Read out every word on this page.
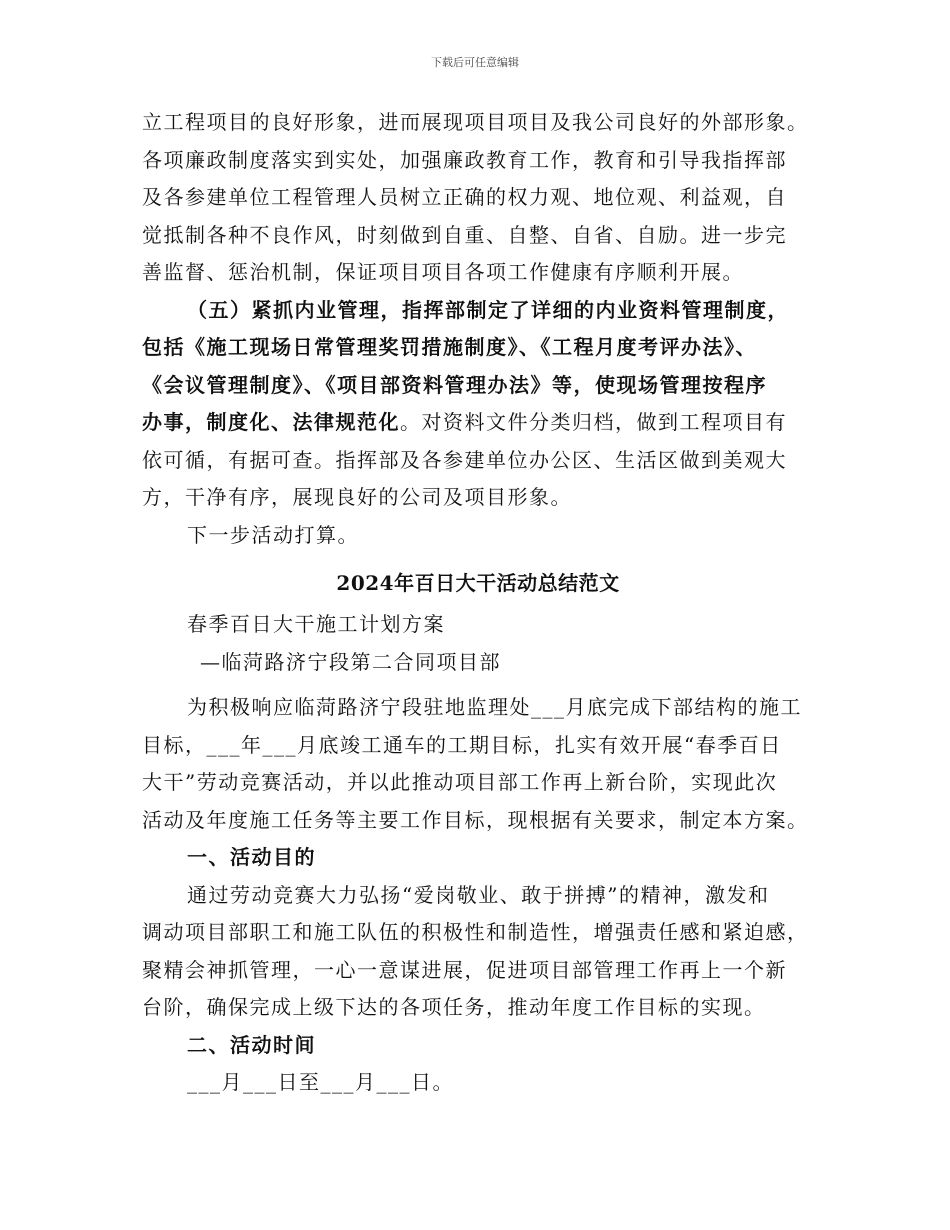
下载后可任意编辑
立工程项目的良好形象，进而展现项目项目及我公司良好的外部形象。
各项廉政制度落实到实处，加强廉政教育工作，教育和引导我指挥部
及各参建单位工程管理人员树立正确的权力观、地位观、利益观，自
觉抵制各种不良作风，时刻做到自重、自整、自省、自励。进一步完
善监督、惩治机制，保证项目项目各项工作健康有序顺利开展。
（五）紧抓内业管理，指挥部制定了详细的内业资料管理制度，
包括《施工现场日常管理奖罚措施制度》、《工程月度考评办法》、
《会议管理制度》、《项目部资料管理办法》等，使现场管理按程序
办事，制度化、法律规范化。对资料文件分类归档，做到工程项目有
依可循，有据可查。指挥部及各参建单位办公区、生活区做到美观大
方，干净有序，展现良好的公司及项目形象。
下一步活动打算。
2024年百日大干活动总结范文
春季百日大干施工计划方案
—临菏路济宁段第二合同项目部
为积极响应临菏路济宁段驻地监理处___月底完成下部结构的施工
目标，___年___月底竣工通车的工期目标，扎实有效开展“春季百日
大干”劳动竞赛活动，并以此推动项目部工作再上新台阶，实现此次
活动及年度施工任务等主要工作目标，现根据有关要求，制定本方案。
一、活动目的
通过劳动竞赛大力弘扬“爱岗敬业、敢于拼搏”的精神，激发和
调动项目部职工和施工队伍的积极性和制造性，增强责任感和紧迫感，
聚精会神抓管理，一心一意谋进展，促进项目部管理工作再上一个新
台阶，确保完成上级下达的各项任务，推动年度工作目标的实现。
二、活动时间
___月___日至___月___日。
